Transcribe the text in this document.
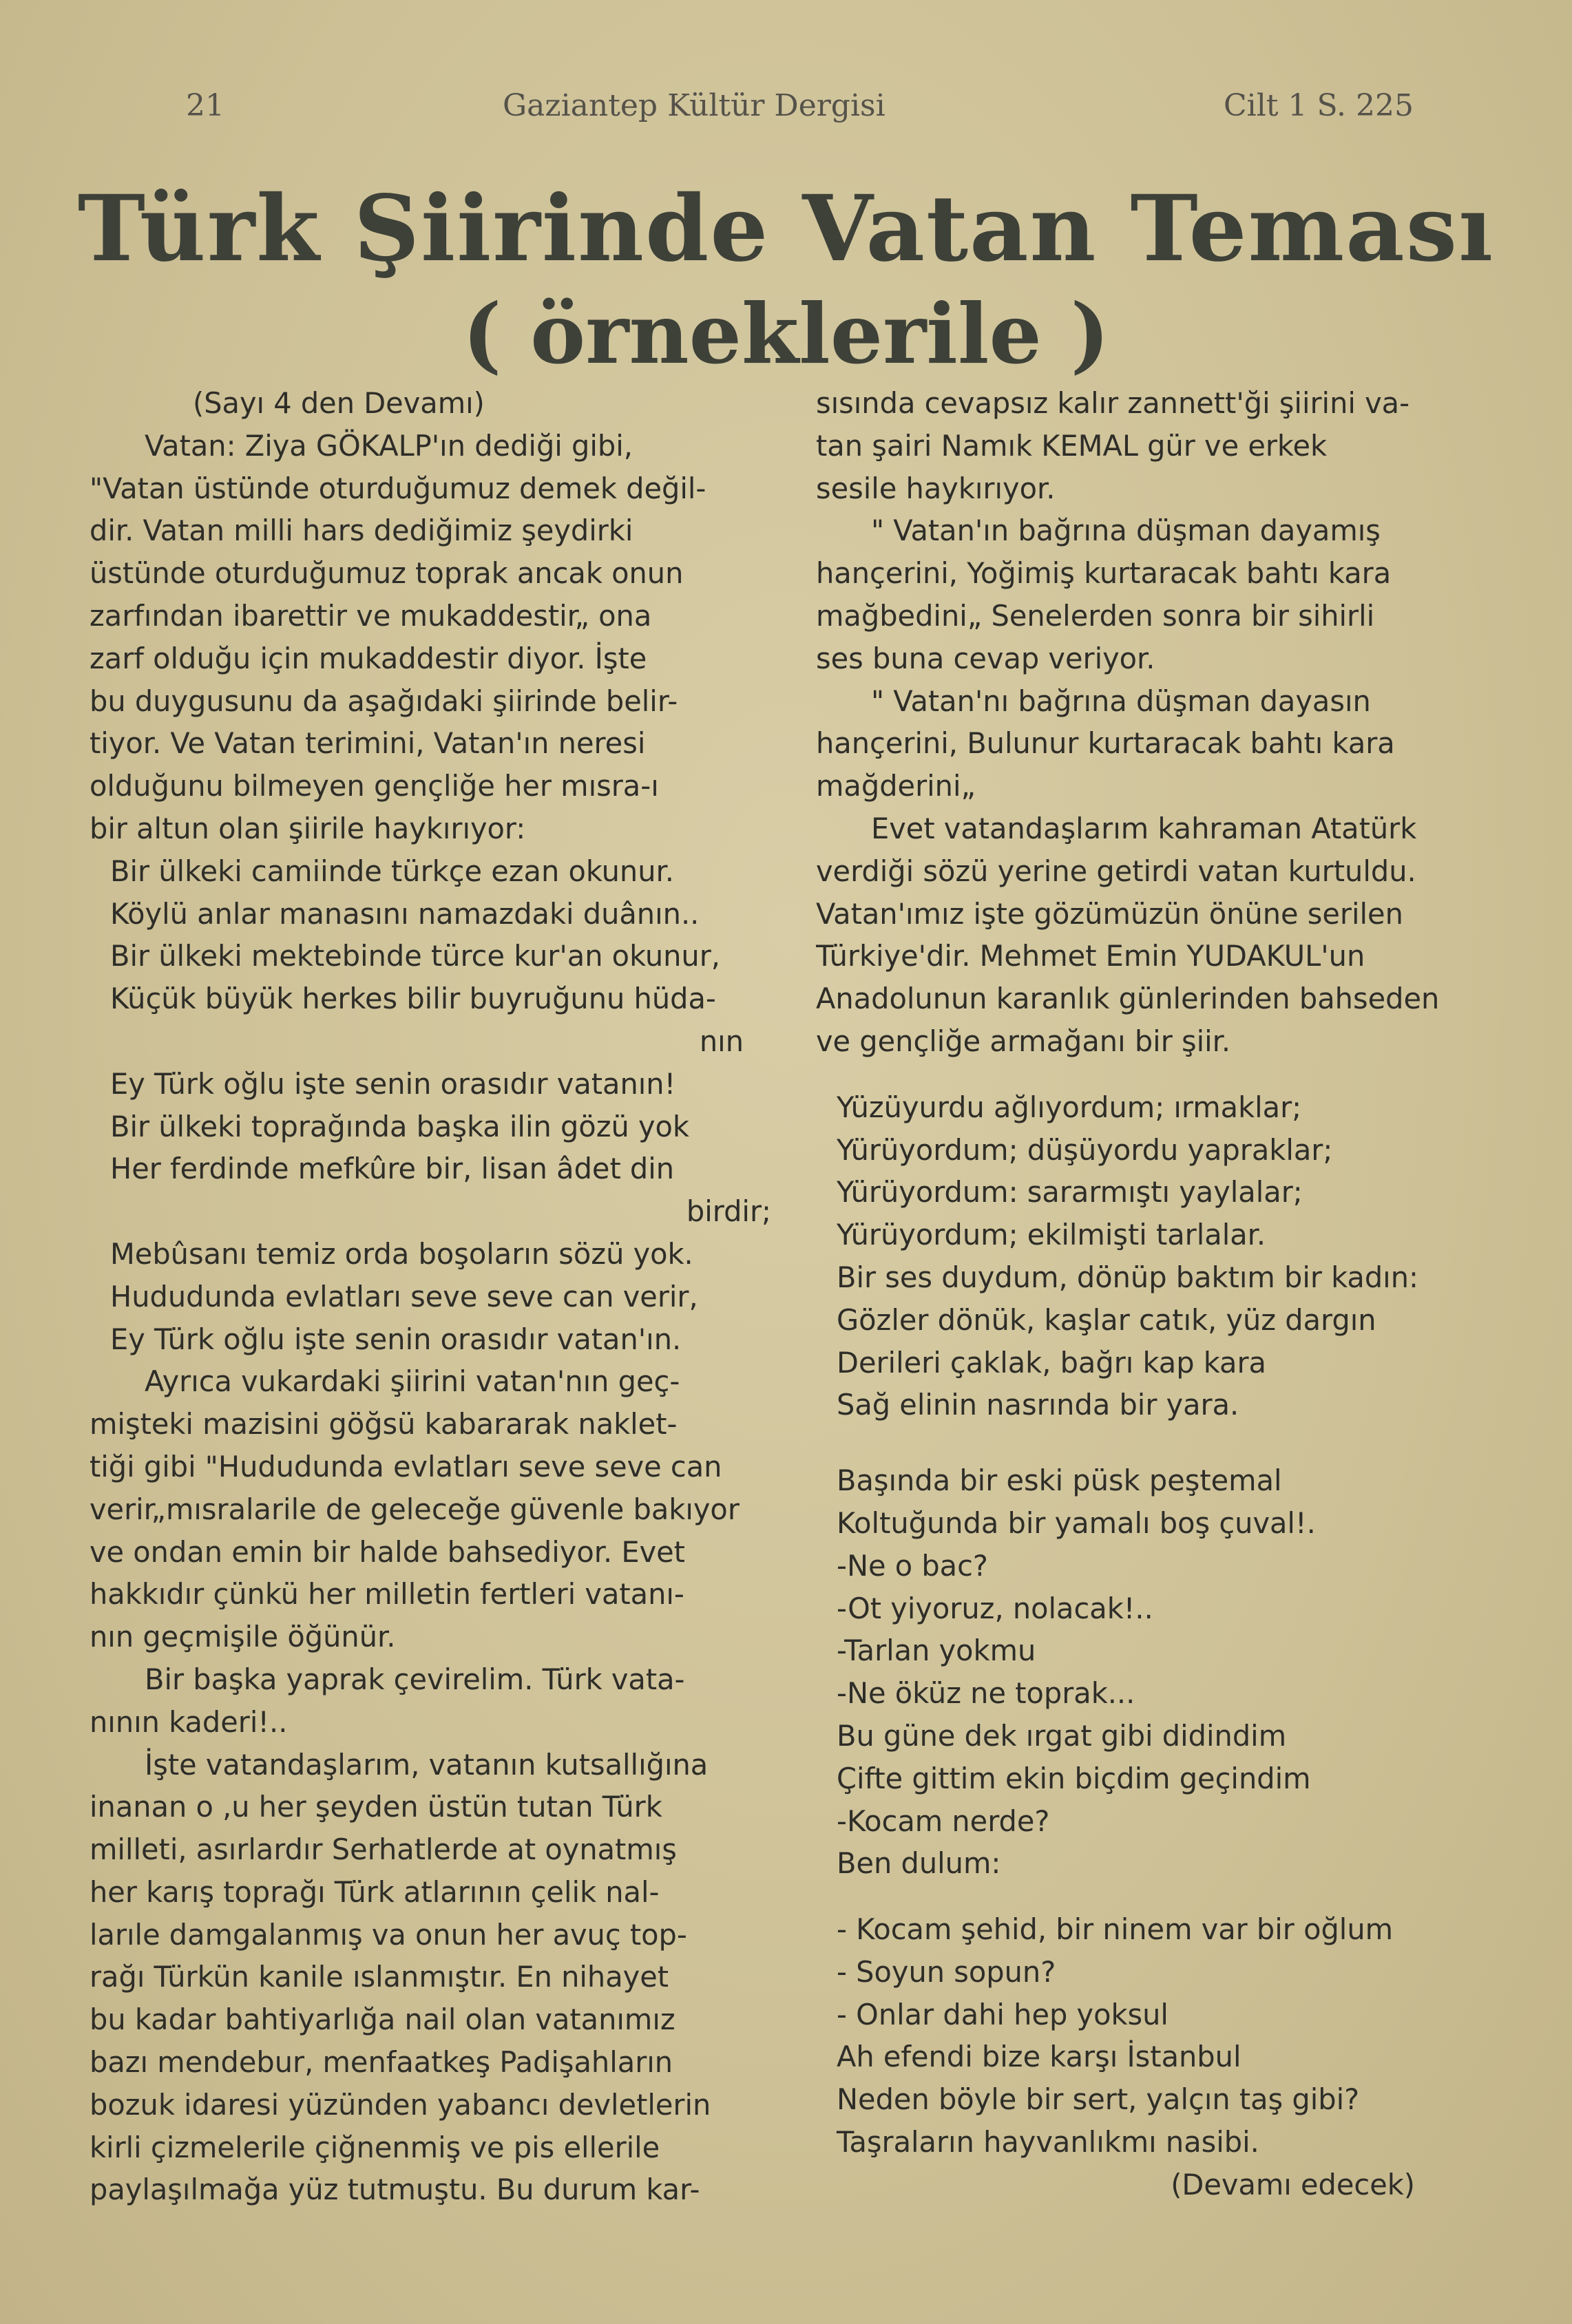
21	Gaziantep Kültür Dergisi	Cilt 1 S. 225
Türk Şiirinde Vatan Teması
( örneklerile )
(Sayı 4 den Devamı)
Vatan: Ziya GÖKALP'ın dediği gibi,
"Vatan üstünde oturduğumuz demek değil-
dir. Vatan milli hars dediğimiz şeydirki
üstünde oturduğumuz toprak ancak onun
zarfından ibarettir ve mukaddestir„ ona
zarf olduğu için mukaddestir diyor. İşte
bu duygusunu da aşağıdaki şiirinde belir-
tiyor. Ve Vatan terimini, Vatan'ın neresi
olduğunu bilmeyen gençliğe her mısra-ı
bir altun olan şiirile haykırıyor:
Bir ülkeki camiinde türkçe ezan okunur.
Köylü anlar manasını namazdaki duânın..
Bir ülkeki mektebinde türce kur'an okunur,
Küçük büyük herkes bilir buyruğunu hüda-
nın
Ey Türk oğlu işte senin orasıdır vatanın!
Bir ülkeki toprağında başka ilin gözü yok
Her ferdinde mefkûre bir, lisan âdet din
birdir;
Mebûsanı temiz orda boşoların sözü yok.
Hududunda evlatları seve seve can verir,
Ey Türk oğlu işte senin orasıdır vatan'ın.
Ayrıca vukardaki şiirini vatan'nın geç-
mişteki mazisini göğsü kabararak naklet-
tiği gibi "Hududunda evlatları seve seve can
verir„mısralarile de geleceğe güvenle bakıyor
ve ondan emin bir halde bahsediyor. Evet
hakkıdır çünkü her milletin fertleri vatanı-
nın geçmişile öğünür.
Bir başka yaprak çevirelim. Türk vata-
nının kaderi!..
İşte vatandaşlarım, vatanın kutsallığına
inanan o ,u her şeyden üstün tutan Türk
milleti, asırlardır Serhatlerde at oynatmış
her karış toprağı Türk atlarının çelik nal-
larıle damgalanmış va onun her avuç top-
rağı Türkün kanile ıslanmıştır. En nihayet
bu kadar bahtiyarlığa nail olan vatanımız
bazı mendebur, menfaatkeş Padişahların
bozuk idaresi yüzünden yabancı devletlerin
kirli çizmelerile çiğnenmiş ve pis ellerile
paylaşılmağa yüz tutmuştu. Bu durum kar-
sısında cevapsız kalır zannett'ği şiirini va-
tan şairi Namık KEMAL gür ve erkek
sesile haykırıyor.
" Vatan'ın bağrına düşman dayamış
hançerini, Yoğimiş kurtaracak bahtı kara
mağbedini„ Senelerden sonra bir sihirli
ses buna cevap veriyor.
" Vatan'nı bağrına düşman dayasın
hançerini, Bulunur kurtaracak bahtı kara
mağderini„
Evet vatandaşlarım kahraman Atatürk
verdiği sözü yerine getirdi vatan kurtuldu.
Vatan'ımız işte gözümüzün önüne serilen
Türkiye'dir. Mehmet Emin YUDAKUL'un
Anadolunun karanlık günlerinden bahseden
ve gençliğe armağanı bir şiir.
Yüzüyurdu ağlıyordum; ırmaklar;
Yürüyordum; düşüyordu yapraklar;
Yürüyordum: sararmıştı yaylalar;
Yürüyordum; ekilmişti tarlalar.
Bir ses duydum, dönüp baktım bir kadın:
Gözler dönük, kaşlar catık, yüz dargın
Derileri çaklak, bağrı kap kara
Sağ elinin nasrında bir yara.
Başında bir eski püsk peştemal
Koltuğunda bir yamalı boş çuval!.
-Ne o bac?
-Ot yiyoruz, nolacak!..
-Tarlan yokmu
-Ne öküz ne toprak...
Bu güne dek ırgat gibi didindim
Çifte gittim ekin biçdim geçindim
-Kocam nerde?
Ben dulum:
- Kocam şehid, bir ninem var bir oğlum
- Soyun sopun?
- Onlar dahi hep yoksul
Ah efendi bize karşı İstanbul
Neden böyle bir sert, yalçın taş gibi?
Taşraların hayvanlıkmı nasibi.
(Devamı edecek)
